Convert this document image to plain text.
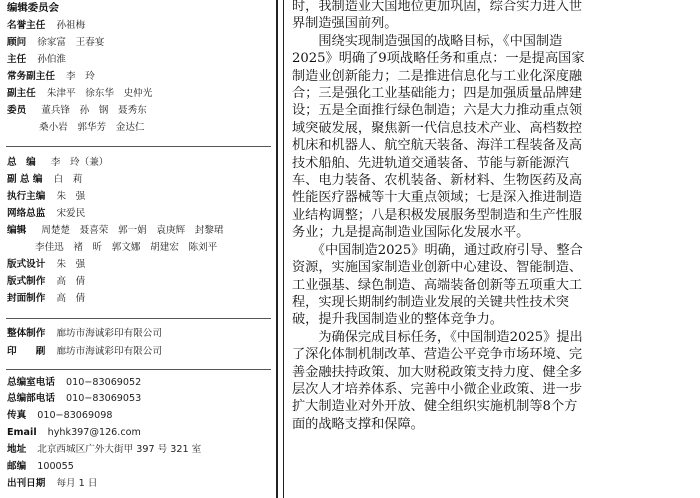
编辑委员会
名誉主任 孙祖梅
顾问 徐家富　王春宴
主任 孙伯淮
常务副主任 李　玲
副主任 朱津平　徐东华　史仲光
委员 董兵锋　孙　钢　聂秀东
桑小岩　郭华芳　金达仁
总　编 李　玲（兼）
副 总 编 白　莉
执行主编 朱　强
网络总监 宋爱民
编辑 周楚楚　聂喜荣　郭一娟　袁庚辉　封黎珺
李佳迅　褚　昕　郭文娜　胡建宏　陈刘平
版式设计 朱　强
版式制作 高　倩
封面制作 高　倩
整体制作 廊坊市海诚彩印有限公司
印　　刷 廊坊市海诚彩印有限公司
总编室电话 010−83069052
总编部电话 010−83069053
传真 010−83069098
Email hyhk397@126.com
地址 北京西城区广外大街甲 397 号 321 室
邮编 100055
出刊日期 每月 1 日
时，我制造业大国地位更加巩固，综合实力进入世
界制造强国前列。
　　围绕实现制造强国的战略目标，《中国制造
2025》明确了9项战略任务和重点：一是提高国家
制造业创新能力；二是推进信息化与工业化深度融
合；三是强化工业基础能力；四是加强质量品牌建
设；五是全面推行绿色制造；六是大力推动重点领
域突破发展，聚焦新一代信息技术产业、高档数控
机床和机器人、航空航天装备、海洋工程装备及高
技术船舶、先进轨道交通装备、节能与新能源汽
车、电力装备、农机装备、新材料、生物医药及高
性能医疗器械等十大重点领域；七是深入推进制造
业结构调整；八是积极发展服务型制造和生产性服
务业；九是提高制造业国际化发展水平。
　　《中国制造2025》明确，通过政府引导、整合
资源，实施国家制造业创新中心建设、智能制造、
工业强基、绿色制造、高端装备创新等五项重大工
程，实现长期制约制造业发展的关键共性技术突
破，提升我国制造业的整体竞争力。
　　为确保完成目标任务，《中国制造2025》提出
了深化体制机制改革、营造公平竞争市场环境、完
善金融扶持政策、加大财税政策支持力度、健全多
层次人才培养体系、完善中小微企业政策、进一步
扩大制造业对外开放、健全组织实施机制等8个方
面的战略支撑和保障。
